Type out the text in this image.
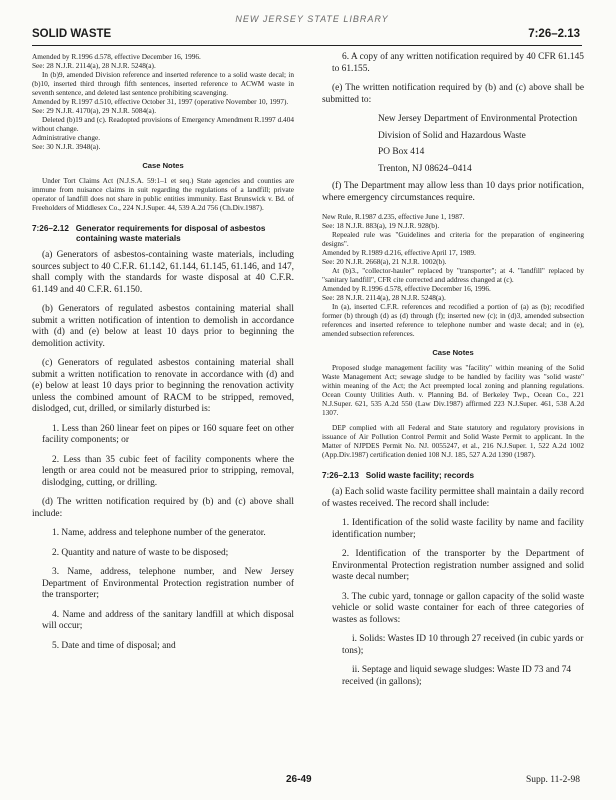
NEW JERSEY STATE LIBRARY
SOLID WASTE	7:26–2.13

Amended by R.1996 d.578, effective December 16, 1996.

See: 28 N.J.R. 2114(a), 28 N.J.R. 5248(a).

In (b)9, amended Division reference and inserted reference to a solid waste decal; in (b)10, inserted third through fifth sentences, inserted reference to ACWM waste in seventh sentence, and deleted last sentence prohibiting scavenging.

Amended by R.1997 d.510, effective October 31, 1997 (operative November 10, 1997).

See: 29 N.J.R. 4170(a), 29 N.J.R. 5084(a).

Deleted (b)19 and (c). Readopted provisions of Emergency Amendment R.1997 d.404 without change.

Administrative change.

See: 30 N.J.R. 3948(a).

Case Notes

Under Tort Claims Act (N.J.S.A. 59:1–1 et seq.) State agencies and counties are immune from nuisance claims in suit regarding the regulations of a landfill; private operator of landfill does not share in public entities immunity. East Brunswick v. Bd. of Freeholders of Middlesex Co., 224 N.J.Super. 44, 539 A.2d 756 (Ch.Div.1987).

7:26–2.12 Generator requirements for disposal of asbestos containing waste materials

(a) Generators of asbestos-containing waste materials, including sources subject to 40 C.F.R. 61.142, 61.144, 61.145, 61.146, and 147, shall comply with the standards for waste disposal at 40 C.F.R. 61.149 and 40 C.F.R. 61.150.

(b) Generators of regulated asbestos containing material shall submit a written notification of intention to demolish in accordance with (d) and (e) below at least 10 days prior to beginning the demolition activity.

(c) Generators of regulated asbestos containing material shall submit a written notification to renovate in accordance with (d) and (e) below at least 10 days prior to beginning the renovation activity unless the combined amount of RACM to be stripped, removed, dislodged, cut, drilled, or similarly disturbed is:

1. Less than 260 linear feet on pipes or 160 square feet on other facility components; or

2. Less than 35 cubic feet of facility components where the length or area could not be measured prior to stripping, removal, dislodging, cutting, or drilling.

(d) The written notification required by (b) and (c) above shall include:

1. Name, address and telephone number of the generator.

2. Quantity and nature of waste to be disposed;

3. Name, address, telephone number, and New Jersey Department of Environmental Protection registration number of the transporter;

4. Name and address of the sanitary landfill at which disposal will occur;

5. Date and time of disposal; and

6. A copy of any written notification required by 40 CFR 61.145 to 61.155.

(e) The written notification required by (b) and (c) above shall be submitted to:

New Jersey Department of Environmental Protection
Division of Solid and Hazardous Waste
PO Box 414
Trenton, NJ 08624–0414

(f) The Department may allow less than 10 days prior notification, where emergency circumstances require.

New Rule, R.1987 d.235, effective June 1, 1987.

See: 18 N.J.R. 883(a), 19 N.J.R. 928(b).

Repealed rule was "Guidelines and criteria for the preparation of engineering designs".

Amended by R.1989 d.216, effective April 17, 1989.

See: 20 N.J.R. 2668(a), 21 N.J.R. 1002(b).

At (b)3., "collector-hauler" replaced by "transporter"; at 4. "landfill" replaced by "sanitary landfill", CFR cite corrected and address changed at (c).

Amended by R.1996 d.578, effective December 16, 1996.

See: 28 N.J.R. 2114(a), 28 N.J.R. 5248(a).

In (a), inserted C.F.R. references and recodified a portion of (a) as (b); recodified former (b) through (d) as (d) through (f); inserted new (c); in (d)3, amended subsection references and inserted reference to telephone number and waste decal; and in (e), amended subsection references.

Case Notes

Proposed sludge management facility was "facility" within meaning of the Solid Waste Management Act; sewage sludge to be handled by facility was "solid waste" within meaning of the Act; the Act preempted local zoning and planning regulations. Ocean County Utilities Auth. v. Planning Bd. of Berkeley Twp., Ocean Co., 221 N.J.Super. 621, 535 A.2d 550 (Law Div.1987) affirmed 223 N.J.Super. 461, 538 A.2d 1307.

DEP complied with all Federal and State statutory and regulatory provisions in issuance of Air Pollution Control Permit and Solid Waste Permit to applicant. In the Matter of NJPDES Permit No. NJ. 0055247, et al., 216 N.J.Super. 1, 522 A.2d 1002 (App.Div.1987) certification denied 108 N.J. 185, 527 A.2d 1390 (1987).

7:26–2.13 Solid waste facility; records

(a) Each solid waste facility permittee shall maintain a daily record of wastes received. The record shall include:

1. Identification of the solid waste facility by name and facility identification number;

2. Identification of the transporter by the Department of Environmental Protection registration number assigned and solid waste decal number;

3. The cubic yard, tonnage or gallon capacity of the solid waste vehicle or solid waste container for each of three categories of wastes as follows:

i. Solids: Wastes ID 10 through 27 received (in cubic yards or tons);

ii. Septage and liquid sewage sludges: Waste ID 73 and 74 received (in gallons);

26-49	Supp. 11-2-98
